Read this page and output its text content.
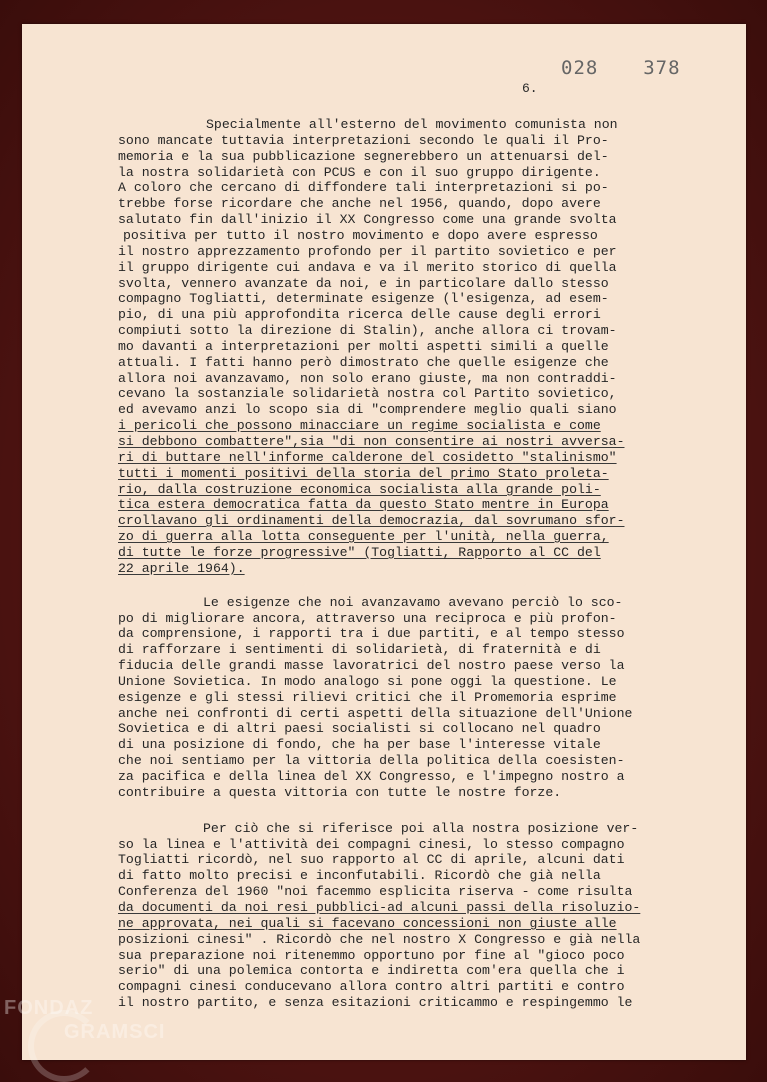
028  378
6.
Specialmente all'esterno del movimento comunista non
sono mancate tuttavia interpretazioni secondo le quali il Pro-
memoria e la sua pubblicazione segnerebbero un attenuarsi del-
la nostra solidarietà con PCUS e con il suo gruppo dirigente.
A coloro che cercano di diffondere tali interpretazioni si po-
trebbe forse ricordare che anche nel 1956, quando, dopo avere
salutato fin dall'inizio il XX Congresso come una grande svolta
positiva per tutto il nostro movimento e dopo avere espresso
il nostro apprezzamento profondo per il partito sovietico e per
il gruppo dirigente cui andava e va il merito storico di quella
svolta, vennero avanzate da noi, e in particolare dallo stesso
compagno Togliatti, determinate esigenze (l'esigenza, ad esem-
pio, di una più approfondita ricerca delle cause degli errori
compiuti sotto la direzione di Stalin), anche allora ci trovam-
mo davanti a interpretazioni per molti aspetti simili a quelle
attuali. I fatti hanno però dimostrato che quelle esigenze che
allora noi avanzavamo, non solo erano giuste, ma non contraddi-
cevano la sostanziale solidarietà nostra col Partito sovietico,
ed avevamo anzi lo scopo sia di "comprendere meglio quali siano
i pericoli che possono minacciare un regime socialista e come
si debbono combattere",sia "di non consentire ai nostri avversa-
ri di buttare nell'informe calderone del cosidetto "stalinismo"
tutti i momenti positivi della storia del primo Stato proleta-
rio, dalla costruzione economica socialista alla grande poli-
tica estera democratica fatta da questo Stato mentre in Europa
crollavano gli ordinamenti della democrazia, dal sovrumano sfor-
zo di guerra alla lotta conseguente per l'unità, nella guerra,
di tutte le forze progressive" (Togliatti, Rapporto al CC del
22 aprile 1964).
Le esigenze che noi avanzavamo avevano perciò lo sco-
po di migliorare ancora, attraverso una reciproca e più profon-
da comprensione, i rapporti tra i due partiti, e al tempo stesso
di rafforzare i sentimenti di solidarietà, di fraternità e di
fiducia delle grandi masse lavoratrici del nostro paese verso la
Unione Sovietica. In modo analogo si pone oggi la questione. Le
esigenze e gli stessi rilievi critici che il Promemoria esprime
anche nei confronti di certi aspetti della situazione dell'Unione
Sovietica e di altri paesi socialisti si collocano nel quadro
di una posizione di fondo, che ha per base l'interesse vitale
che noi sentiamo per la vittoria della politica della coesisten-
za pacifica e della linea del XX Congresso, e l'impegno nostro a
contribuire a questa vittoria con tutte le nostre forze.
Per ciò che si riferisce poi alla nostra posizione ver-
so la linea e l'attività dei compagni cinesi, lo stesso compagno
Togliatti ricordò, nel suo rapporto al CC di aprile, alcuni dati
di fatto molto precisi e inconfutabili. Ricordò che già nella
Conferenza del 1960 "noi facemmo esplicita riserva - come risulta
da documenti da noi resi pubblici-ad alcuni passi della risoluzio-
ne approvata, nei quali si facevano concessioni non giuste alle
posizioni cinesi" . Ricordò che nel nostro X Congresso e già nella
sua preparazione noi ritenemmo opportuno por fine al "gioco poco
serio" di una polemica contorta e indiretta com'era quella che i
compagni cinesi conducevano allora contro altri partiti e contro
il nostro partito, e senza esitazioni criticammo e respingemmo le
FONDAZ
GRAMSCI
